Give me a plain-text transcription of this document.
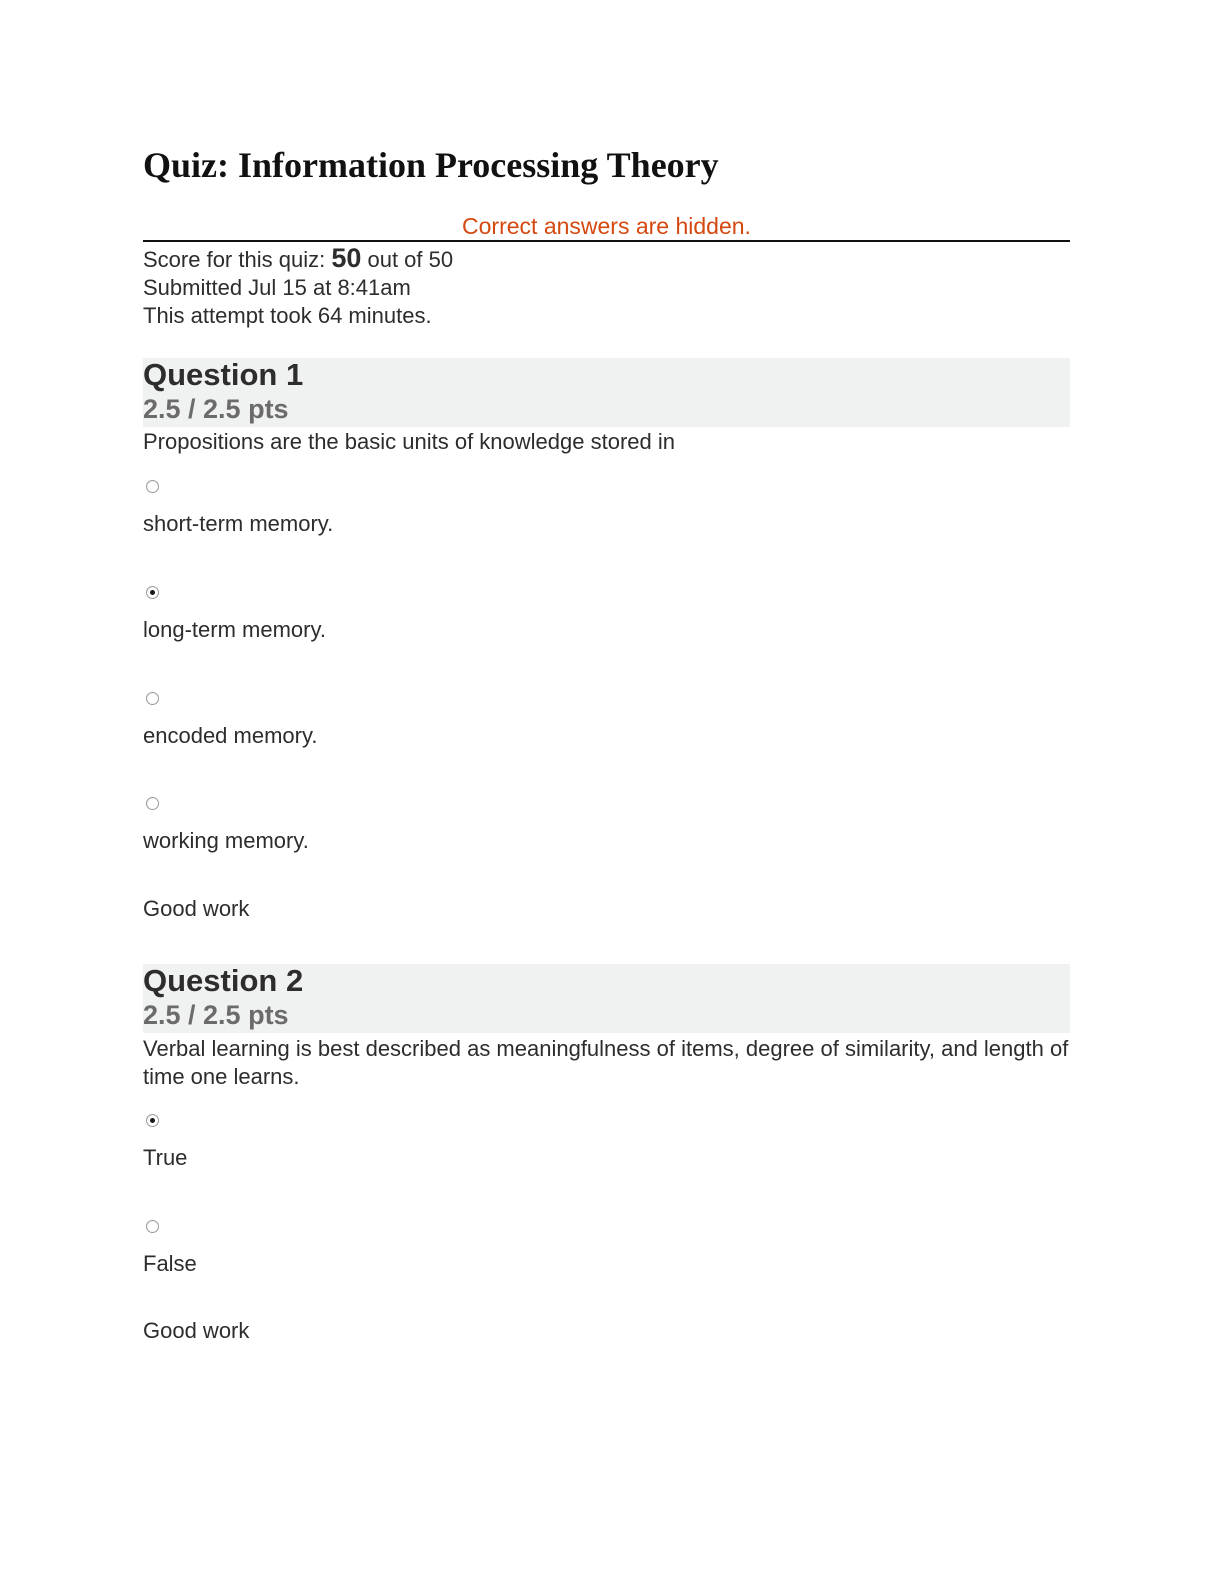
Quiz: Information Processing Theory
Correct answers are hidden.
Score for this quiz: 50 out of 50
Submitted Jul 15 at 8:41am
This attempt took 64 minutes.
Question 1
2.5 / 2.5 pts
Propositions are the basic units of knowledge stored in
short-term memory.
long-term memory.
encoded memory.
working memory.
Good work
Question 2
2.5 / 2.5 pts
Verbal learning is best described as meaningfulness of items, degree of similarity, and length of time one learns.
True
False
Good work
